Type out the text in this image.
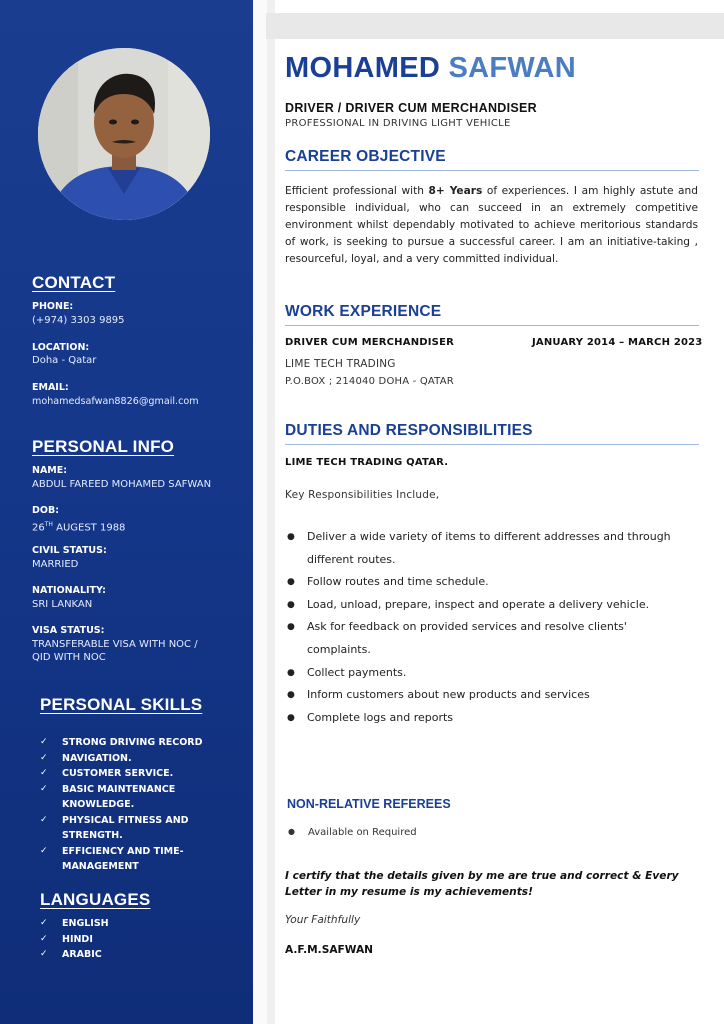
CONTACT
PHONE:
(+974) 3303 9895
LOCATION:
Doha - Qatar
EMAIL:
mohamedsafwan8826@gmail.com
PERSONAL INFO
NAME:
ABDUL FAREED MOHAMED SAFWAN
DOB:
26TH AUGEST 1988
CIVIL STATUS:
MARRIED
NATIONALITY:
SRI LANKAN
VISA STATUS:
TRANSFERABLE VISA WITH NOC /
QID WITH NOC
PERSONAL SKILLS
✓ STRONG DRIVING RECORD
✓ NAVIGATION.
✓ CUSTOMER SERVICE.
✓ BASIC MAINTENANCE KNOWLEDGE.
✓ PHYSICAL FITNESS AND STRENGTH.
✓ EFFICIENCY AND TIME-MANAGEMENT
LANGUAGES
✓ ENGLISH
✓ HINDI
✓ ARABIC
MOHAMED SAFWAN
DRIVER / DRIVER CUM MERCHANDISER
PROFESSIONAL IN DRIVING LIGHT VEHICLE
CAREER OBJECTIVE
Efficient professional with 8+ Years of experiences. I am highly astute and responsible individual, who can succeed in an extremely competitive environment whilst dependably motivated to achieve meritorious standards of work, is seeking to pursue a successful career. I am an initiative-taking , resourceful, loyal, and a very committed individual.
WORK EXPERIENCE
DRIVER CUM MERCHANDISER	JANUARY 2014 – MARCH 2023
LIME TECH TRADING
P.O.BOX ; 214040 DOHA - QATAR
DUTIES AND RESPONSIBILITIES
LIME TECH TRADING QATAR.
Key Responsibilities Include,
● Deliver a wide variety of items to different addresses and through
different routes.
● Follow routes and time schedule.
● Load, unload, prepare, inspect and operate a delivery vehicle.
● Ask for feedback on provided services and resolve clients'
complaints.
● Collect payments.
● Inform customers about new products and services
● Complete logs and reports
NON-RELATIVE REFEREES
● Available on Required
I certify that the details given by me are true and correct & Every Letter in my resume is my achievements!
Your Faithfully
A.F.M.SAFWAN
